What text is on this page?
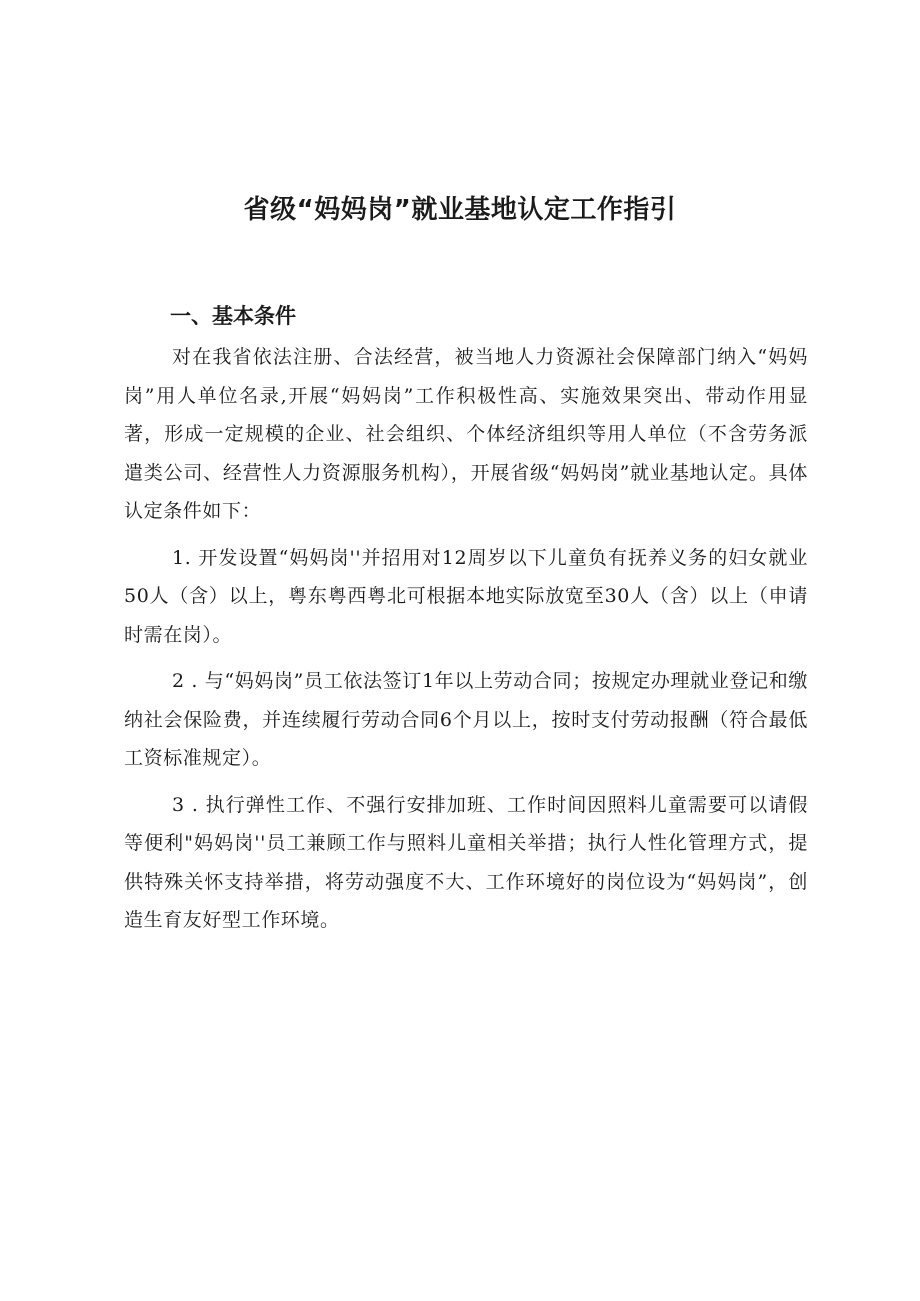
省级“妈妈岗”就业基地认定工作指引
一、基本条件

对在我省依法注册、合法经营，被当地人力资源社会保障部门纳入“妈妈岗”用人单位名录,开展“妈妈岗”工作积极性高、实施效果突出、带动作用显著，形成一定规模的企业、社会组织、个体经济组织等用人单位（不含劳务派遣类公司、经营性人力资源服务机构），开展省级“妈妈岗”就业基地认定。具体认定条件如下：

1. 开发设置“妈妈岗''并招用对12周岁以下儿童负有抚养义务的妇女就业50人（含）以上，粤东粤西粤北可根据本地实际放宽至30人（含）以上（申请时需在岗）。

2 . 与“妈妈岗”员工依法签订1年以上劳动合同；按规定办理就业登记和缴纳社会保险费，并连续履行劳动合同6个月以上，按时支付劳动报酬（符合最低工资标准规定）。

3 . 执行弹性工作、不强行安排加班、工作时间因照料儿童需要可以请假等便利"妈妈岗''员工兼顾工作与照料儿童相关举措；执行人性化管理方式，提供特殊关怀支持举措，将劳动强度不大、工作环境好的岗位设为“妈妈岗”，创造生育友好型工作环境。
